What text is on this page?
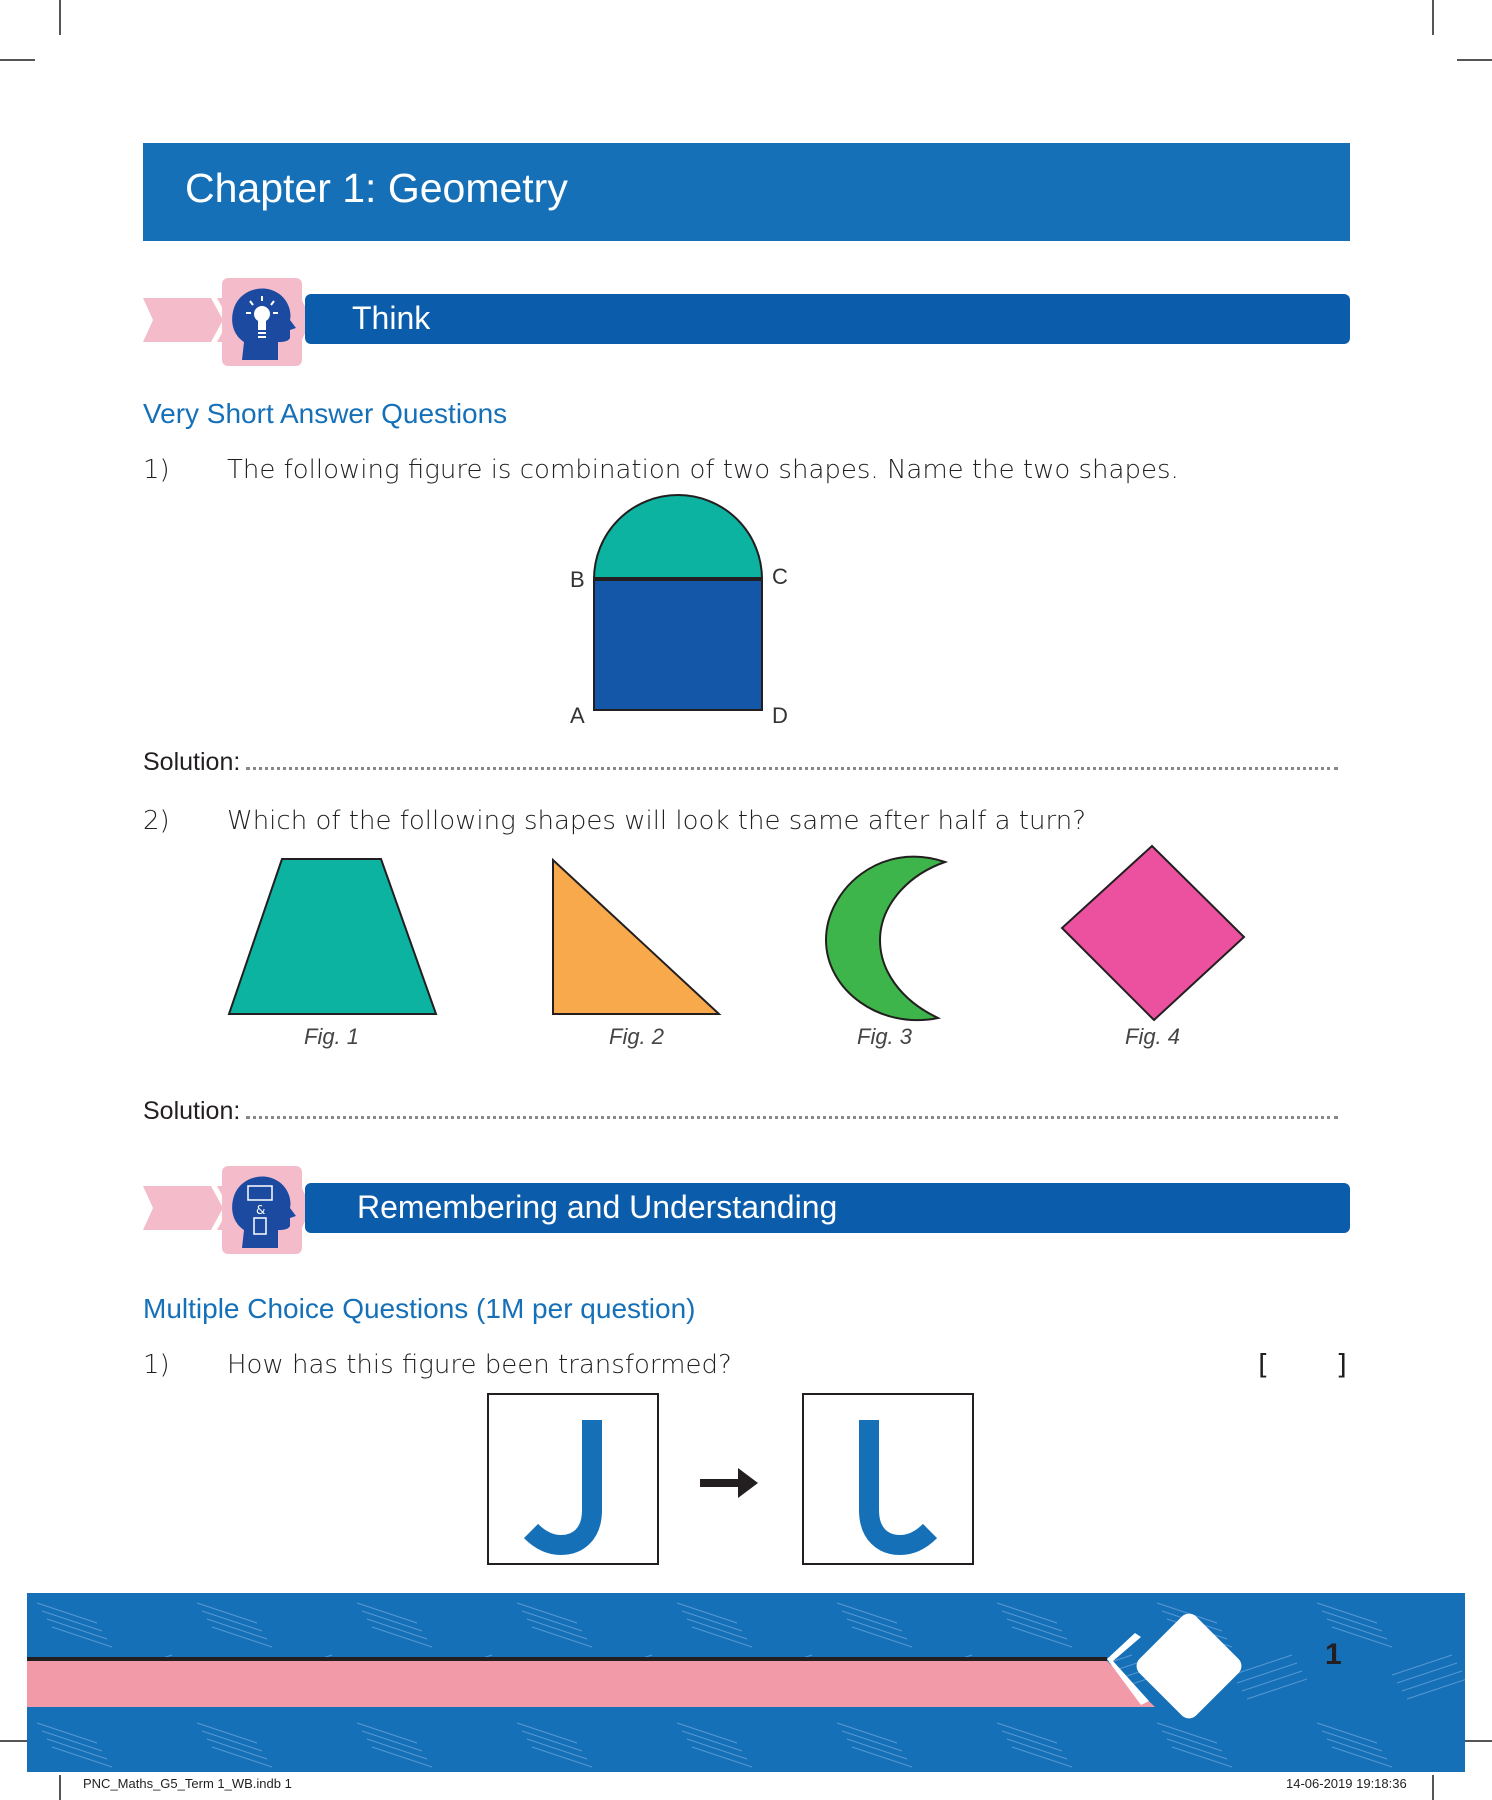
Chapter 1: Geometry
Think
Very Short Answer Questions
1) The following figure is combination of two shapes. Name the two shapes.
B	C
A	D
Solution:
2) Which of the following shapes will look the same after half a turn?
Fig. 1	Fig. 2	Fig. 3	Fig. 4
Solution:
&	Remembering and Understanding
Multiple Choice Questions (1M per question)
1) How has this figure been transformed?	[ ]
1
PNC_Maths_G5_Term 1_WB.indb 1	14-06-2019 19:18:36
